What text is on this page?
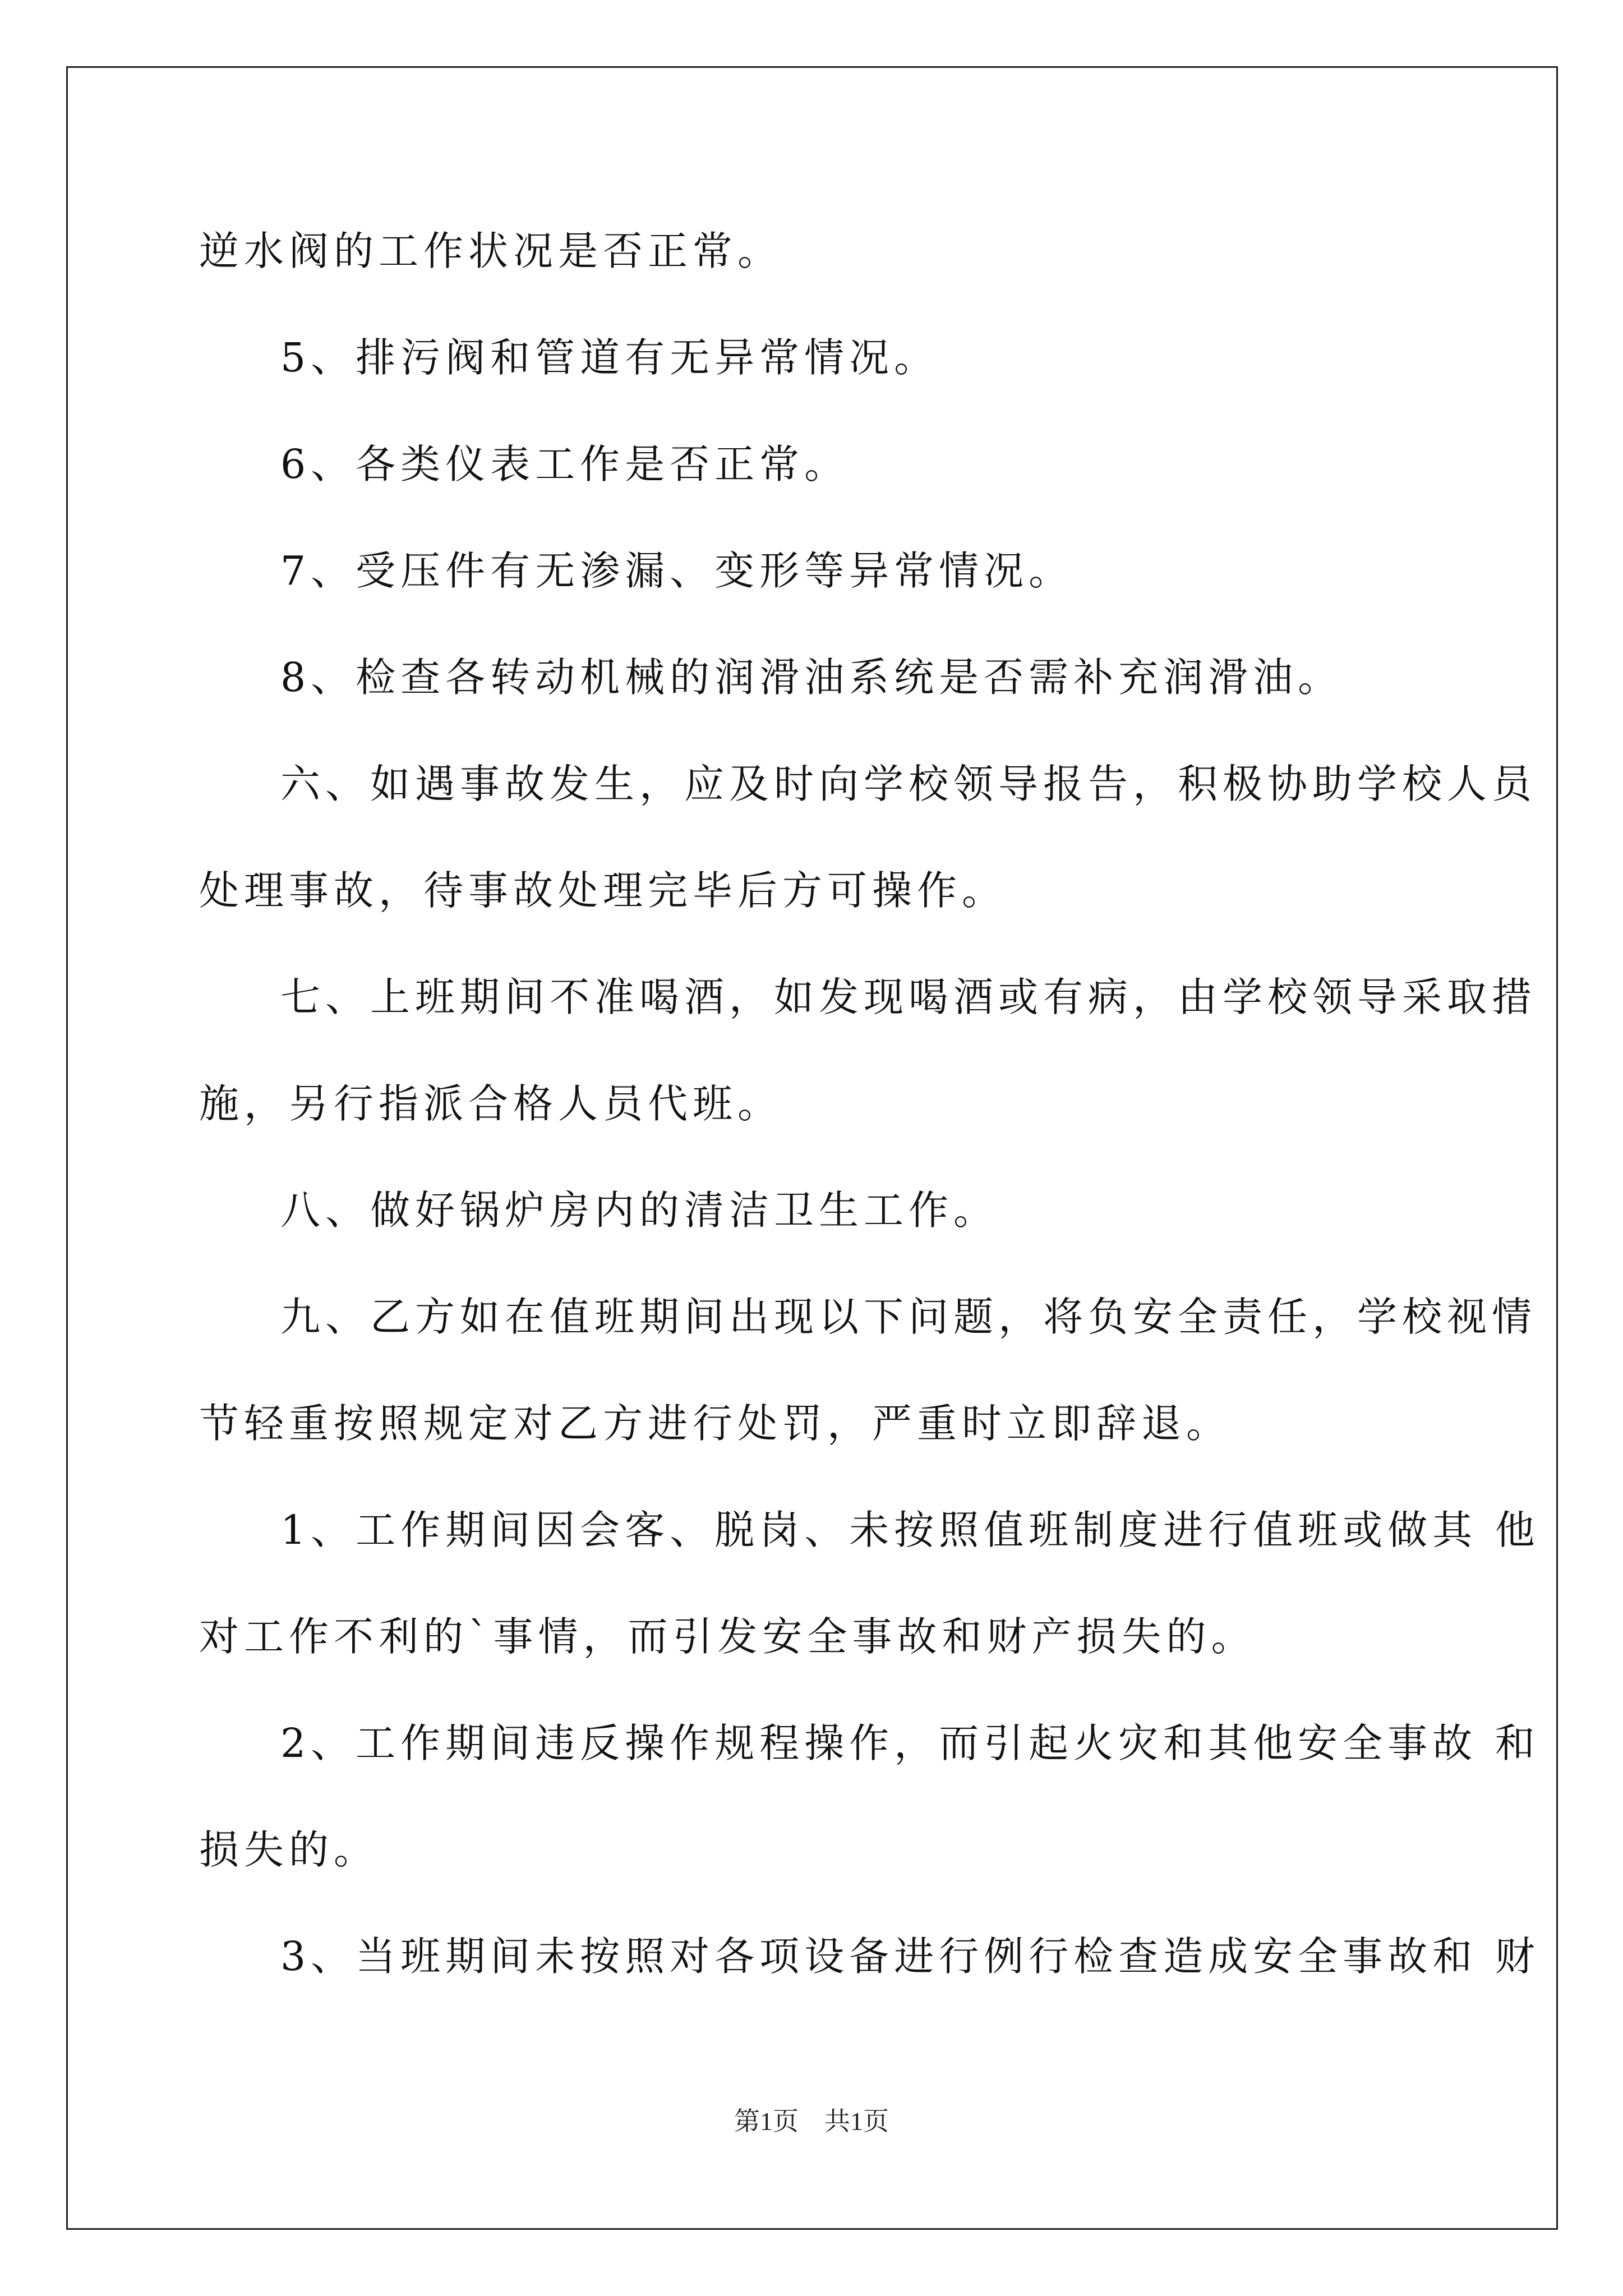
逆水阀的工作状况是否正常。
5、排污阀和管道有无异常情况。
6、各类仪表工作是否正常。
7、受压件有无渗漏、变形等异常情况。
8、检查各转动机械的润滑油系统是否需补充润滑油。
六、如遇事故发生，应及时向学校领导报告，积极协助学校人员
处理事故，待事故处理完毕后方可操作。
七、上班期间不准喝酒，如发现喝酒或有病，由学校领导采取措
施，另行指派合格人员代班。
八、做好锅炉房内的清洁卫生工作。
九、乙方如在值班期间出现以下问题，将负安全责任，学校视情
节轻重按照规定对乙方进行处罚，严重时立即辞退。
1、工作期间因会客、脱岗、未按照值班制度进行值班或做其 他
对工作不利的`事情，而引发安全事故和财产损失的。
2、工作期间违反操作规程操作，而引起火灾和其他安全事故 和
损失的。
3、当班期间未按照对各项设备进行例行检查造成安全事故和 财
第1页 共1页
